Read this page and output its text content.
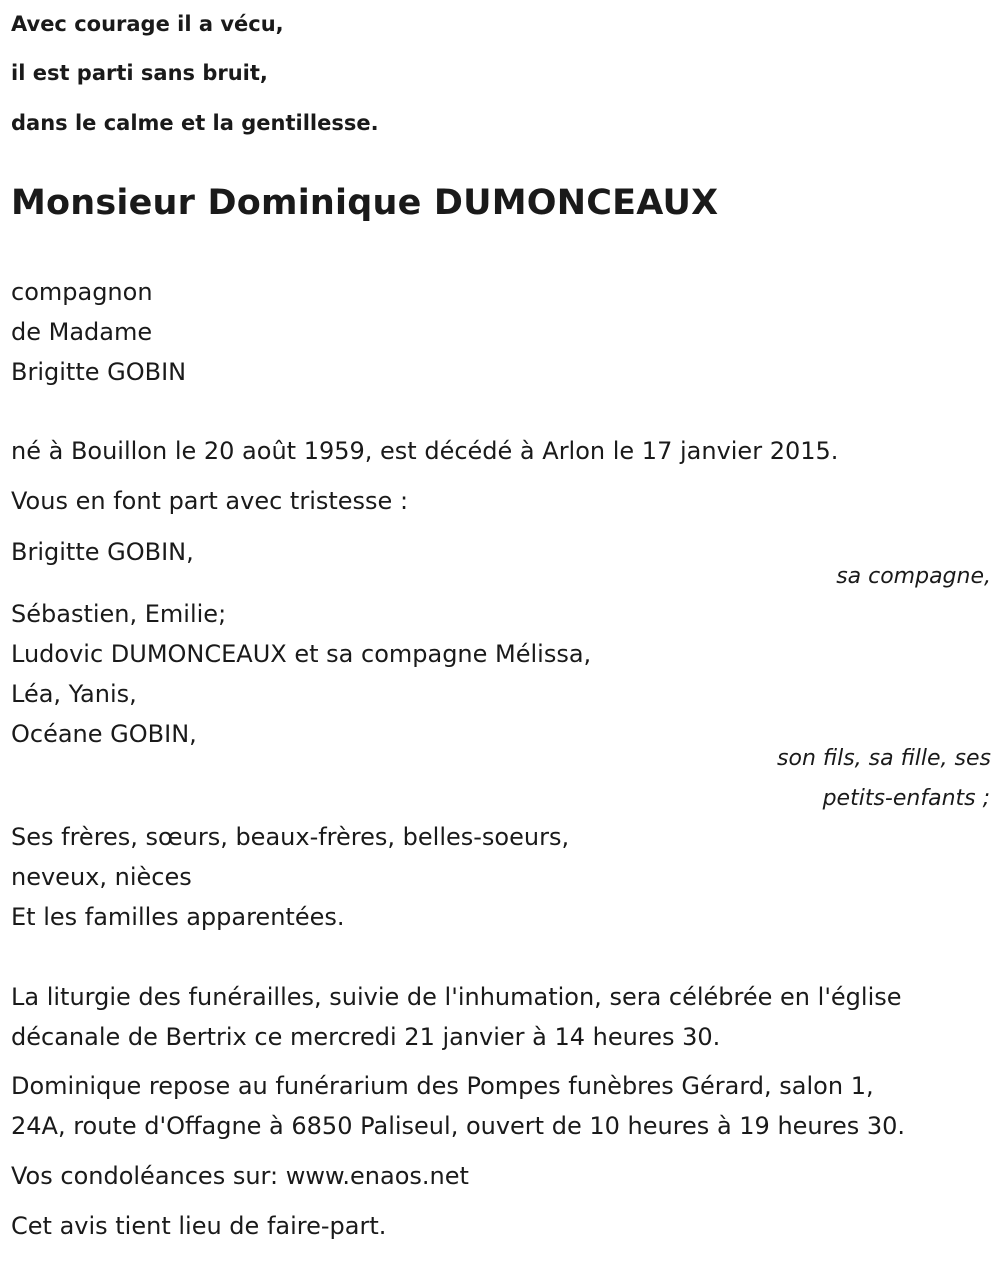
Avec courage il a vécu,
il est parti sans bruit,
dans le calme et la gentillesse.
Monsieur Dominique DUMONCEAUX
compagnon
de Madame
Brigitte GOBIN
né à Bouillon le 20 août 1959, est décédé à Arlon le 17 janvier 2015.
Vous en font part avec tristesse :
Brigitte GOBIN,
sa compagne,
Sébastien, Emilie;
Ludovic DUMONCEAUX et sa compagne Mélissa,
Léa, Yanis,
Océane GOBIN,
son fils, sa fille, ses
petits-enfants ;
Ses frères, sœurs, beaux-frères, belles-soeurs,
neveux, nièces
Et les familles apparentées.
La liturgie des funérailles, suivie de l'inhumation, sera célébrée en l'église
décanale de Bertrix ce mercredi 21 janvier à 14 heures 30.
Dominique repose au funérarium des Pompes funèbres Gérard, salon 1,
24A, route d'Offagne à 6850 Paliseul, ouvert de 10 heures à 19 heures 30.
Vos condoléances sur: www.enaos.net
Cet avis tient lieu de faire-part.
